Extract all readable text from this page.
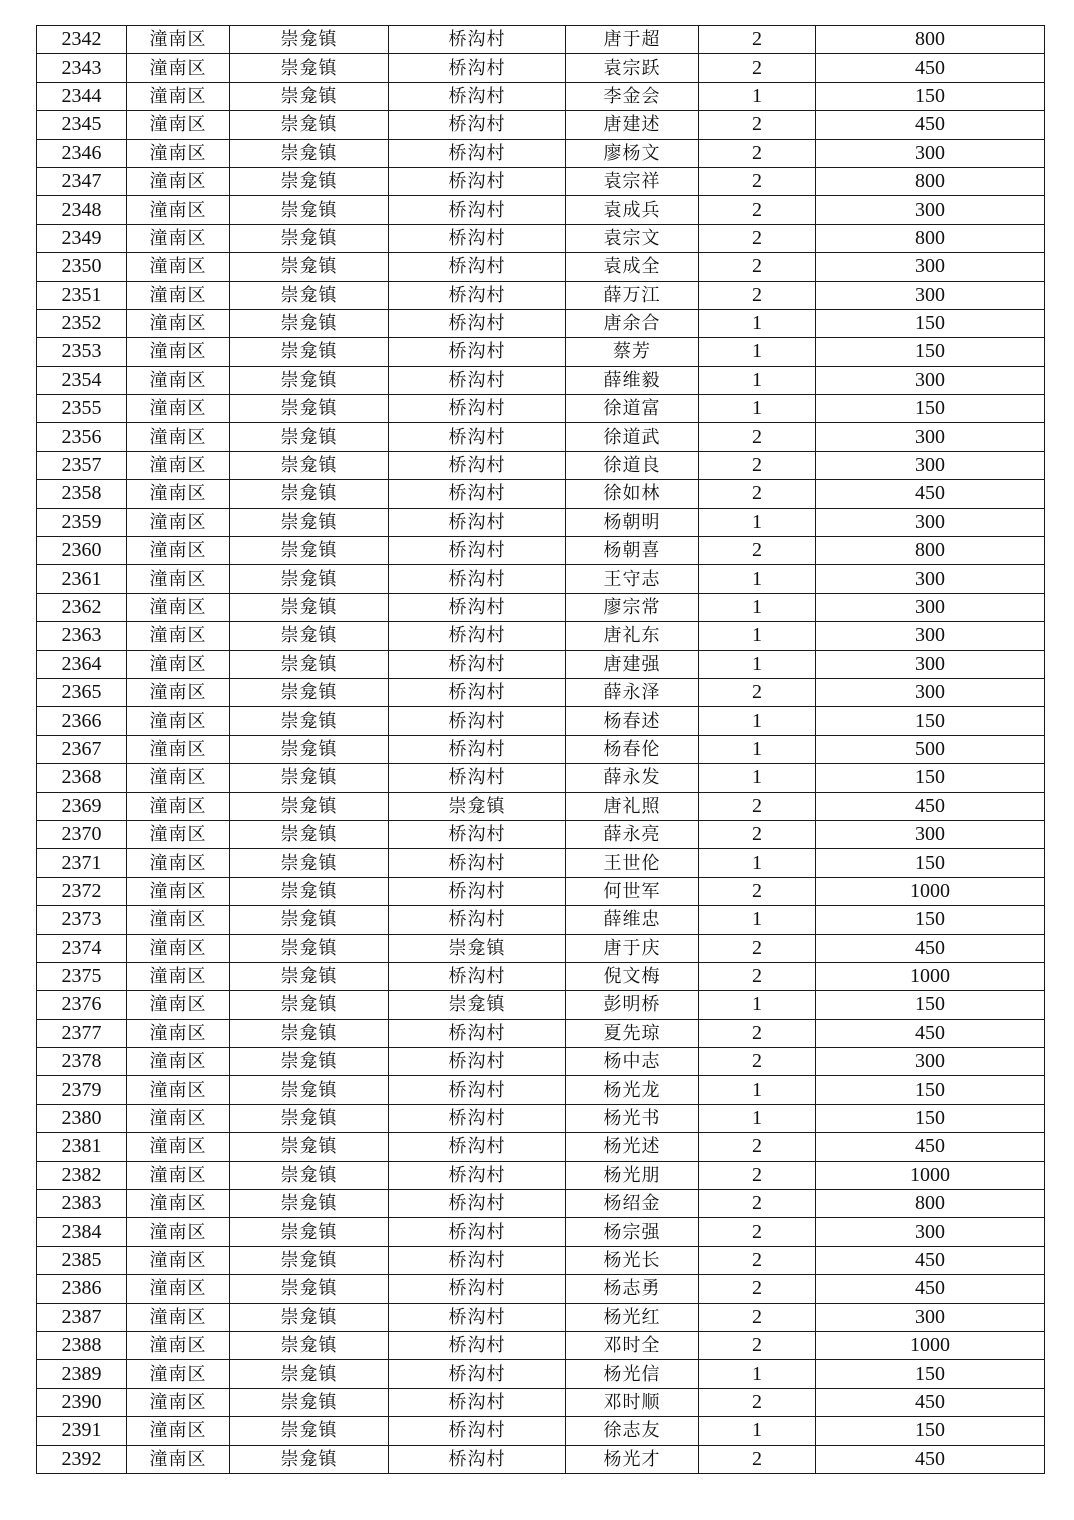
2342	潼南区	崇龛镇	桥沟村	唐于超	2	800
2343	潼南区	崇龛镇	桥沟村	袁宗跃	2	450
2344	潼南区	崇龛镇	桥沟村	李金会	1	150
2345	潼南区	崇龛镇	桥沟村	唐建述	2	450
2346	潼南区	崇龛镇	桥沟村	廖杨文	2	300
2347	潼南区	崇龛镇	桥沟村	袁宗祥	2	800
2348	潼南区	崇龛镇	桥沟村	袁成兵	2	300
2349	潼南区	崇龛镇	桥沟村	袁宗文	2	800
2350	潼南区	崇龛镇	桥沟村	袁成全	2	300
2351	潼南区	崇龛镇	桥沟村	薛万江	2	300
2352	潼南区	崇龛镇	桥沟村	唐余合	1	150
2353	潼南区	崇龛镇	桥沟村	蔡芳	1	150
2354	潼南区	崇龛镇	桥沟村	薛维毅	1	300
2355	潼南区	崇龛镇	桥沟村	徐道富	1	150
2356	潼南区	崇龛镇	桥沟村	徐道武	2	300
2357	潼南区	崇龛镇	桥沟村	徐道良	2	300
2358	潼南区	崇龛镇	桥沟村	徐如林	2	450
2359	潼南区	崇龛镇	桥沟村	杨朝明	1	300
2360	潼南区	崇龛镇	桥沟村	杨朝喜	2	800
2361	潼南区	崇龛镇	桥沟村	王守志	1	300
2362	潼南区	崇龛镇	桥沟村	廖宗常	1	300
2363	潼南区	崇龛镇	桥沟村	唐礼东	1	300
2364	潼南区	崇龛镇	桥沟村	唐建强	1	300
2365	潼南区	崇龛镇	桥沟村	薛永泽	2	300
2366	潼南区	崇龛镇	桥沟村	杨春述	1	150
2367	潼南区	崇龛镇	桥沟村	杨春伦	1	500
2368	潼南区	崇龛镇	桥沟村	薛永发	1	150
2369	潼南区	崇龛镇	崇龛镇	唐礼照	2	450
2370	潼南区	崇龛镇	桥沟村	薛永亮	2	300
2371	潼南区	崇龛镇	桥沟村	王世伦	1	150
2372	潼南区	崇龛镇	桥沟村	何世军	2	1000
2373	潼南区	崇龛镇	桥沟村	薛维忠	1	150
2374	潼南区	崇龛镇	崇龛镇	唐于庆	2	450
2375	潼南区	崇龛镇	桥沟村	倪文梅	2	1000
2376	潼南区	崇龛镇	崇龛镇	彭明桥	1	150
2377	潼南区	崇龛镇	桥沟村	夏先琼	2	450
2378	潼南区	崇龛镇	桥沟村	杨中志	2	300
2379	潼南区	崇龛镇	桥沟村	杨光龙	1	150
2380	潼南区	崇龛镇	桥沟村	杨光书	1	150
2381	潼南区	崇龛镇	桥沟村	杨光述	2	450
2382	潼南区	崇龛镇	桥沟村	杨光朋	2	1000
2383	潼南区	崇龛镇	桥沟村	杨绍金	2	800
2384	潼南区	崇龛镇	桥沟村	杨宗强	2	300
2385	潼南区	崇龛镇	桥沟村	杨光长	2	450
2386	潼南区	崇龛镇	桥沟村	杨志勇	2	450
2387	潼南区	崇龛镇	桥沟村	杨光红	2	300
2388	潼南区	崇龛镇	桥沟村	邓时全	2	1000
2389	潼南区	崇龛镇	桥沟村	杨光信	1	150
2390	潼南区	崇龛镇	桥沟村	邓时顺	2	450
2391	潼南区	崇龛镇	桥沟村	徐志友	1	150
2392	潼南区	崇龛镇	桥沟村	杨光才	2	450
